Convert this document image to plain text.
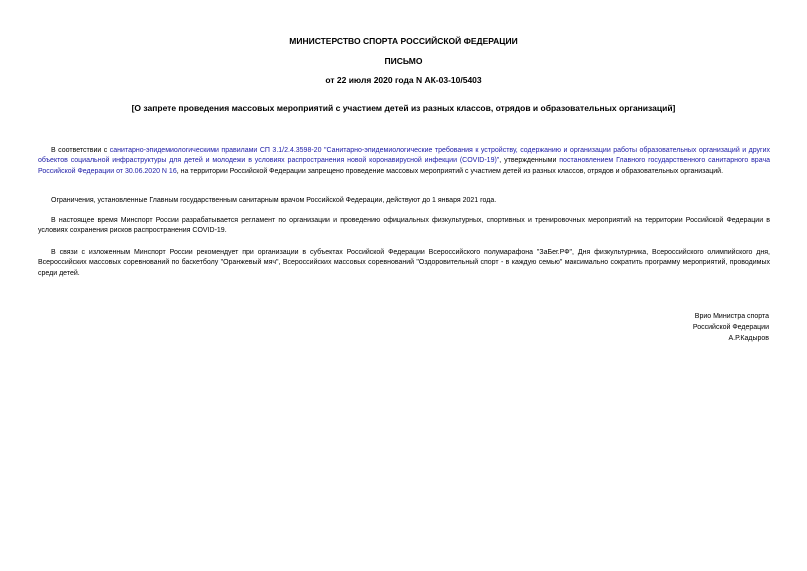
МИНИСТЕРСТВО СПОРТА РОССИЙСКОЙ ФЕДЕРАЦИИ
ПИСЬМО
от 22 июля 2020 года N АК-03-10/5403
[О запрете проведения массовых мероприятий с участием детей из разных классов, отрядов и образовательных организаций]

В соответствии с санитарно-эпидемиологическими правилами СП 3.1/2.4.3598-20 "Санитарно-эпидемиологические требования к устройству, содержанию и организации работы образовательных организаций и других объектов социальной инфраструктуры для детей и молодежи в условиях распространения новой коронавирусной инфекции (COVID-19)", утвержденными постановлением Главного государственного санитарного врача Российской Федерации от 30.06.2020 N 16, на территории Российской Федерации запрещено проведение массовых мероприятий с участием детей из разных классов, отрядов и образовательных организаций.

Ограничения, установленные Главным государственным санитарным врачом Российской Федерации, действуют до 1 января 2021 года.

В настоящее время Минспорт России разрабатывается регламент по организации и проведению официальных физкультурных, спортивных и тренировочных мероприятий на территории Российской Федерации в условиях сохранения рисков распространения COVID-19.

В связи с изложенным Минспорт России рекомендует при организации в субъектах Российской Федерации Всероссийского полумарафона "ЗаБег.РФ", Дня физкультурника, Всероссийского олимпийского дня, Всероссийских массовых соревнований по баскетболу "Оранжевый мяч", Всероссийских массовых соревнований "Оздоровительный спорт - в каждую семью" максимально сократить программу мероприятий, проводимых среди детей.

Врио Министра спорта
Российской Федерации
А.Р.Кадыров
